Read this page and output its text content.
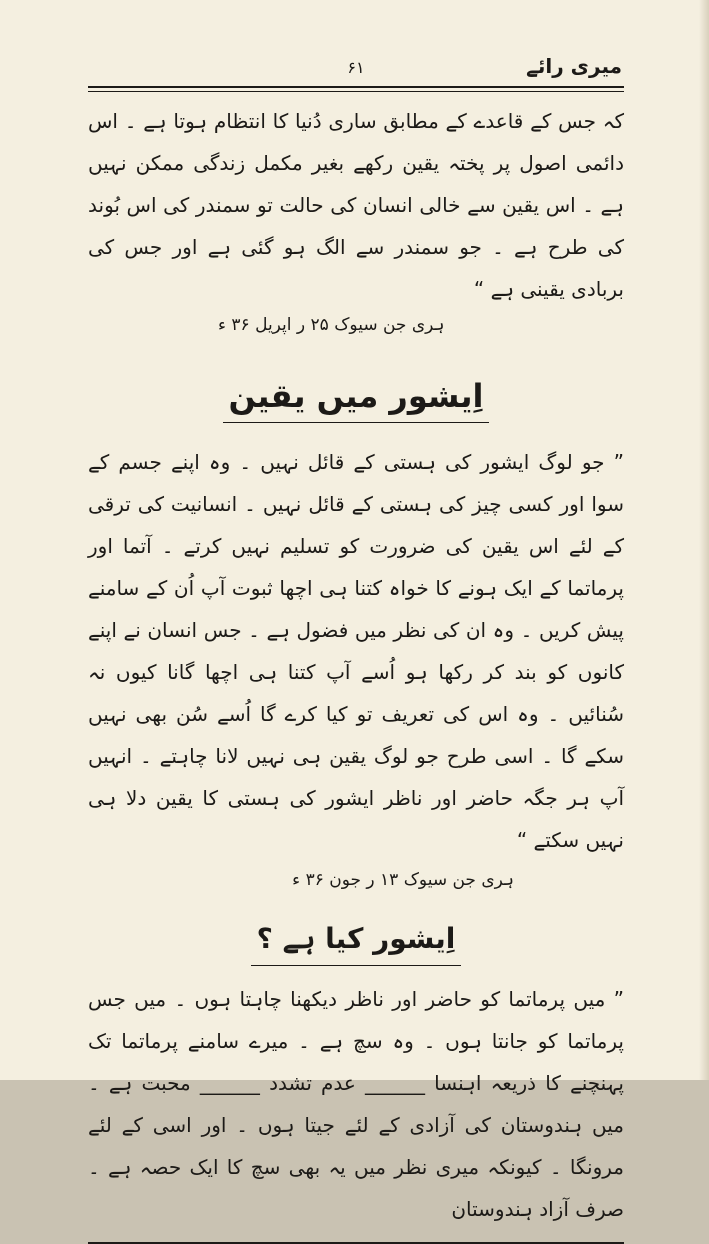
میری رائے
۶۱

کہ جس کے قاعدے کے مطابق ساری دُنیا کا انتظام ہوتا ہے ۔ اس دائمی اصول پر پختہ یقین رکھے بغیر مکمل زندگی ممکن نہیں ہے ۔ اس یقین سے خالی انسان کی حالت تو سمندر کی اس بُوند کی طرح ہے ۔ جو سمندر سے الگ ہو گئی ہے اور جس کی بربادی یقینی ہے “

ہری جن سیوک ۲۵ ر اپریل ۳۶ ء
اِیشور میں یقین

” جو لوگ ایشور کی ہستی کے قائل نہیں ۔ وہ اپنے جسم کے سوا اور کسی چیز کی ہستی کے قائل نہیں ۔ انسانیت کی ترقی کے لئے اس یقین کی ضرورت کو تسلیم نہیں کرتے ۔ آتما اور پرماتما کے ایک ہونے کا خواہ کتنا ہی اچھا ثبوت آپ اُن کے سامنے پیش کریں ۔ وہ ان کی نظر میں فضول ہے ۔ جس انسان نے اپنے کانوں کو بند کر رکھا ہو اُسے آپ کتنا ہی اچھا گانا کیوں نہ سُنائیں ۔ وہ اس کی تعریف تو کیا کرے گا اُسے سُن بھی نہیں سکے گا ۔ اسی طرح جو لوگ یقین ہی نہیں لانا چاہتے ۔ انہیں آپ ہر جگہ حاضر اور ناظر ایشور کی ہستی کا یقین دلا ہی نہیں سکتے “

ہری جن سیوک ۱۳ ر جون ۳۶ ء
اِیشور کیا ہے ؟

” میں پرماتما کو حاضر اور ناظر دیکھنا چاہتا ہوں ۔ میں جس پرماتما کو جانتا ہوں ۔ وہ سچ ہے ۔ میرے سامنے پرماتما تک پہنچنے کا ذریعہ اہنسا ______ عدم تشدد ______ محبت ہے ۔ میں ہندوستان کی آزادی کے لئے جیتا ہوں ۔ اور اسی کے لئے مرونگا ۔ کیونکہ میری نظر میں یہ بھی سچ کا ایک حصہ ہے ۔ صرف آزاد ہندوستان
